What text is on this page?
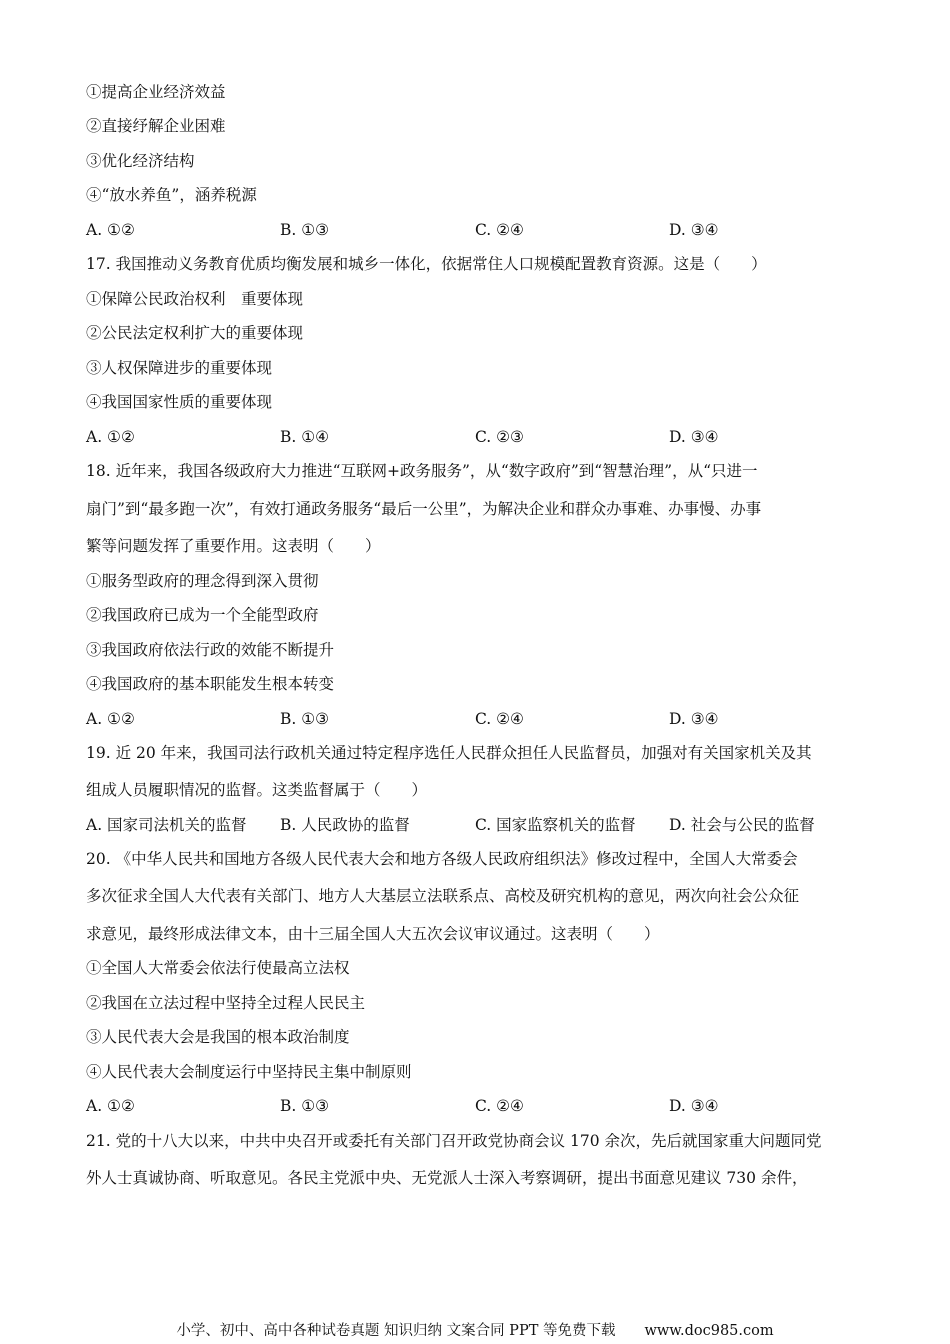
①提高企业经济效益
②直接纾解企业困难
③优化经济结构
④“放水养鱼”，涵养税源
A. ①②	B. ①③	C. ②④	D. ③④
17. 我国推动义务教育优质均衡发展和城乡一体化，依据常住人口规模配置教育资源。这是（　　）
①保障公民政治权利　重要体现
②公民法定权利扩大的重要体现
③人权保障进步的重要体现
④我国国家性质的重要体现
A. ①②	B. ①④	C. ②③	D. ③④
18. 近年来，我国各级政府大力推进“互联网+政务服务”，从“数字政府”到“智慧治理”，从“只进一
扇门”到“最多跑一次”，有效打通政务服务“最后一公里”，为解决企业和群众办事难、办事慢、办事
繁等问题发挥了重要作用。这表明（　　）
①服务型政府的理念得到深入贯彻
②我国政府已成为一个全能型政府
③我国政府依法行政的效能不断提升
④我国政府的基本职能发生根本转变
A. ①②	B. ①③	C. ②④	D. ③④
19. 近 20 年来，我国司法行政机关通过特定程序选任人民群众担任人民监督员，加强对有关国家机关及其
组成人员履职情况的监督。这类监督属于（　　）
A. 国家司法机关的监督 B. 人民政协的监督	C. 国家监察机关的监督 D. 社会与公民的监督
20. 《中华人民共和国地方各级人民代表大会和地方各级人民政府组织法》修改过程中，全国人大常委会
多次征求全国人大代表有关部门、地方人大基层立法联系点、高校及研究机构的意见，两次向社会公众征
求意见，最终形成法律文本，由十三届全国人大五次会议审议通过。这表明（　　）
①全国人大常委会依法行使最高立法权
②我国在立法过程中坚持全过程人民民主
③人民代表大会是我国的根本政治制度
④人民代表大会制度运行中坚持民主集中制原则
A. ①②	B. ①③	C. ②④	D. ③④
21. 党的十八大以来，中共中央召开或委托有关部门召开政党协商会议 170 余次，先后就国家重大问题同党
外人士真诚协商、听取意见。各民主党派中央、无党派人士深入考察调研，提出书面意见建议 730 余件，
小学、初中、高中各种试卷真题 知识归纳 文案合同 PPT 等免费下载　　www.doc985.com
